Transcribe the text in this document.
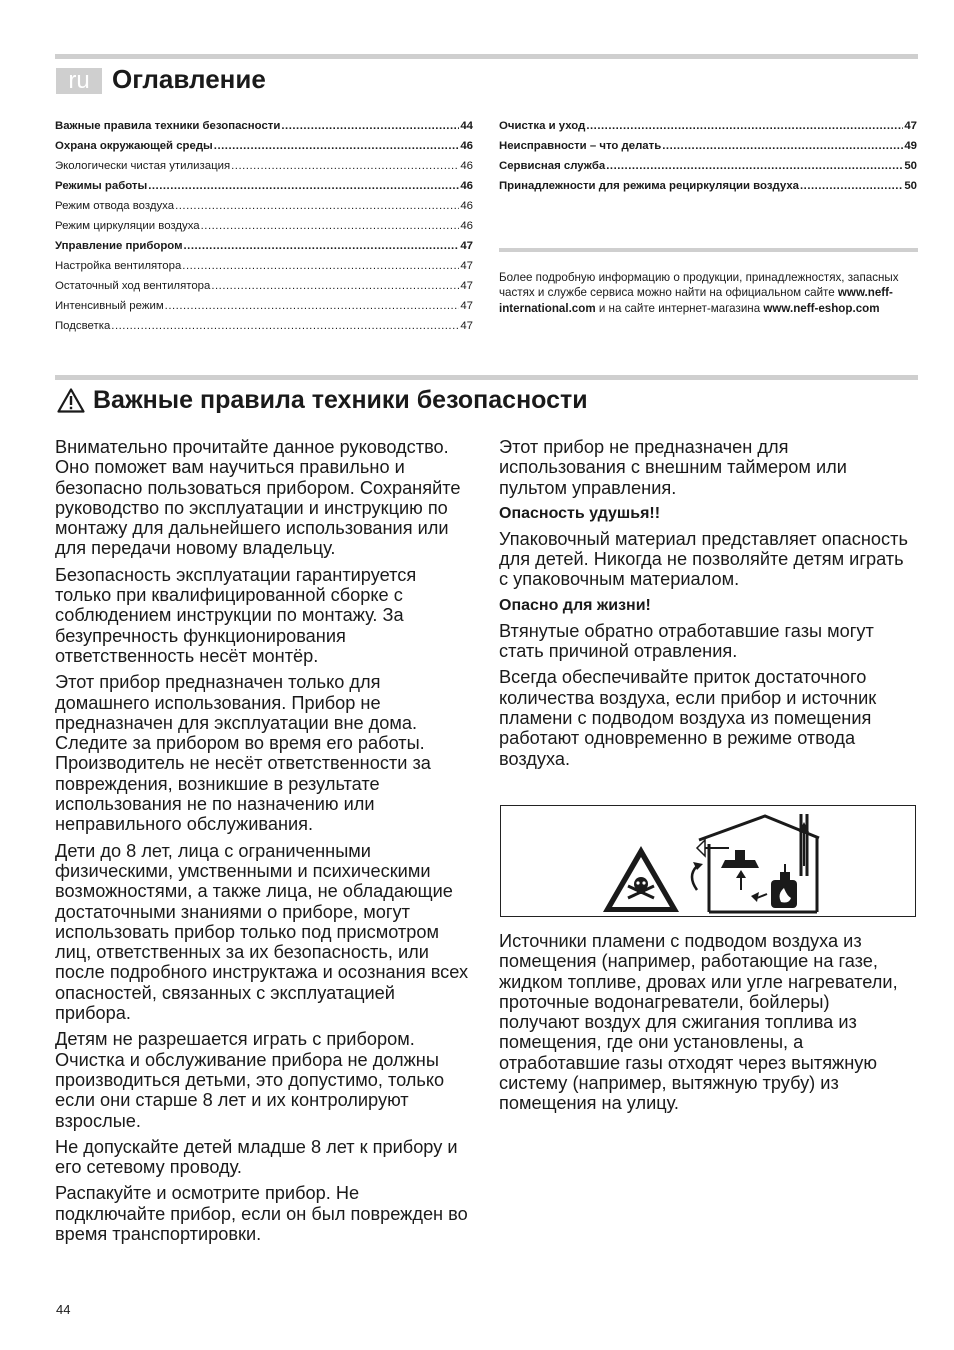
ru Оглавление
Важные правила техники безопасности .....	44
Охрана окружающей среды .....	46
Экологически чистая утилизация .....	46
Режимы работы .....	46
Режим отвода воздуха .....	46
Режим циркуляции воздуха .....	46
Управление прибором .....	47
Настройка вентилятора .....	47
Остаточный ход вентилятора .....	47
Интенсивный режим .....	47
Подсветка .....	47
Очистка и уход .....	47
Неисправности – что делать .....	49
Сервисная служба .....	50
Принадлежности для режима рециркуляции воздуха .....	50

Более подробную информацию о продукции, принадлежностях, запасных частях и службе сервиса можно найти на официальном сайте www.neff-international.com и на сайте интернет-магазина www.neff-eshop.com

Важные правила техники безопасности

Внимательно прочитайте данное руководство. Оно поможет вам научиться правильно и безопасно пользоваться прибором. Сохраняйте руководство по эксплуатации и инструкцию по монтажу для дальнейшего использования или для передачи новому владельцу.

Безопасность эксплуатации гарантируется только при квалифицированной сборке с соблюдением инструкции по монтажу. За безупречность функционирования ответственность несёт монтёр.

Этот прибор предназначен только для домашнего использования. Прибор не предназначен для эксплуатации вне дома. Следите за прибором во время его работы. Производитель не несёт ответственности за повреждения, возникшие в результате использования не по назначению или неправильного обслуживания.

Дети до 8 лет, лица с ограниченными физическими, умственными и психическими возможностями, а также лица, не обладающие достаточными знаниями о приборе, могут использовать прибор только под присмотром лиц, ответственных за их безопасность, или после подробного инструктажа и осознания всех опасностей, связанных с эксплуатацией прибора.

Детям не разрешается играть с прибором. Очистка и обслуживание прибора не должны производиться детьми, это допустимо, только если они старше 8 лет и их контролируют взрослые.

Не допускайте детей младше 8 лет к прибору и его сетевому проводу.

Распакуйте и осмотрите прибор. Не подключайте прибор, если он был поврежден во время транспортировки.

Этот прибор не предназначен для использования с внешним таймером или пультом управления.

Опасность удушья!!

Упаковочный материал представляет опасность для детей. Никогда не позволяйте детям играть с упаковочным материалом.

Опасно для жизни!

Втянутые обратно отработавшие газы могут стать причиной отравления.

Всегда обеспечивайте приток достаточного количества воздуха, если прибор и источник пламени с подводом воздуха из помещения работают одновременно в режиме отвода воздуха.

Источники пламени с подводом воздуха из помещения (например, работающие на газе, жидком топливе, дровах или угле нагреватели, проточные водонагреватели, бойлеры) получают воздух для сжигания топлива из помещения, где они установлены, а отработавшие газы отходят через вытяжную систему (например, вытяжную трубу) из помещения на улицу.

44
